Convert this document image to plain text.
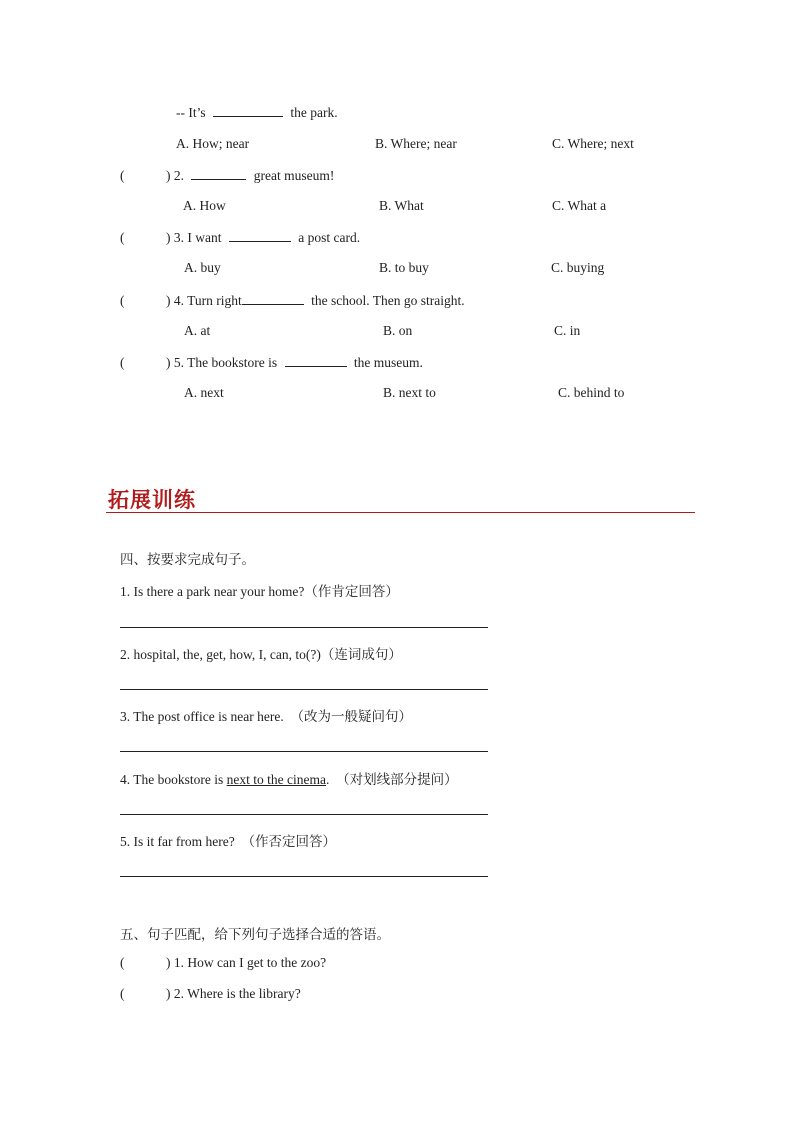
-- It’s	the park.
A. How; near	B. Where; near	C. Where; next
(	) 2.	great museum!
A. How	B. What	C. What a
(	) 3. I want	a post card.
A. buy	B. to buy	C. buying
(	) 4. Turn right	the school. Then go straight.
A. at	B. on	C. in
(	) 5. The bookstore is	the museum.
A. next	B. next to	C. behind to
拓展训练
四、按要求完成句子。
1. Is there a park near your home?（作肯定回答）
2. hospital, the, get, how, I, can, to(?)（连词成句）
3. The post office is near here. （改为一般疑问句）
4. The bookstore is next to the cinema. （对划线部分提问）
5. Is it far from here? （作否定回答）
五、句子匹配，给下列句子选择合适的答语。
(	) 1. How can I get to the zoo?
(	) 2. Where is the library?
